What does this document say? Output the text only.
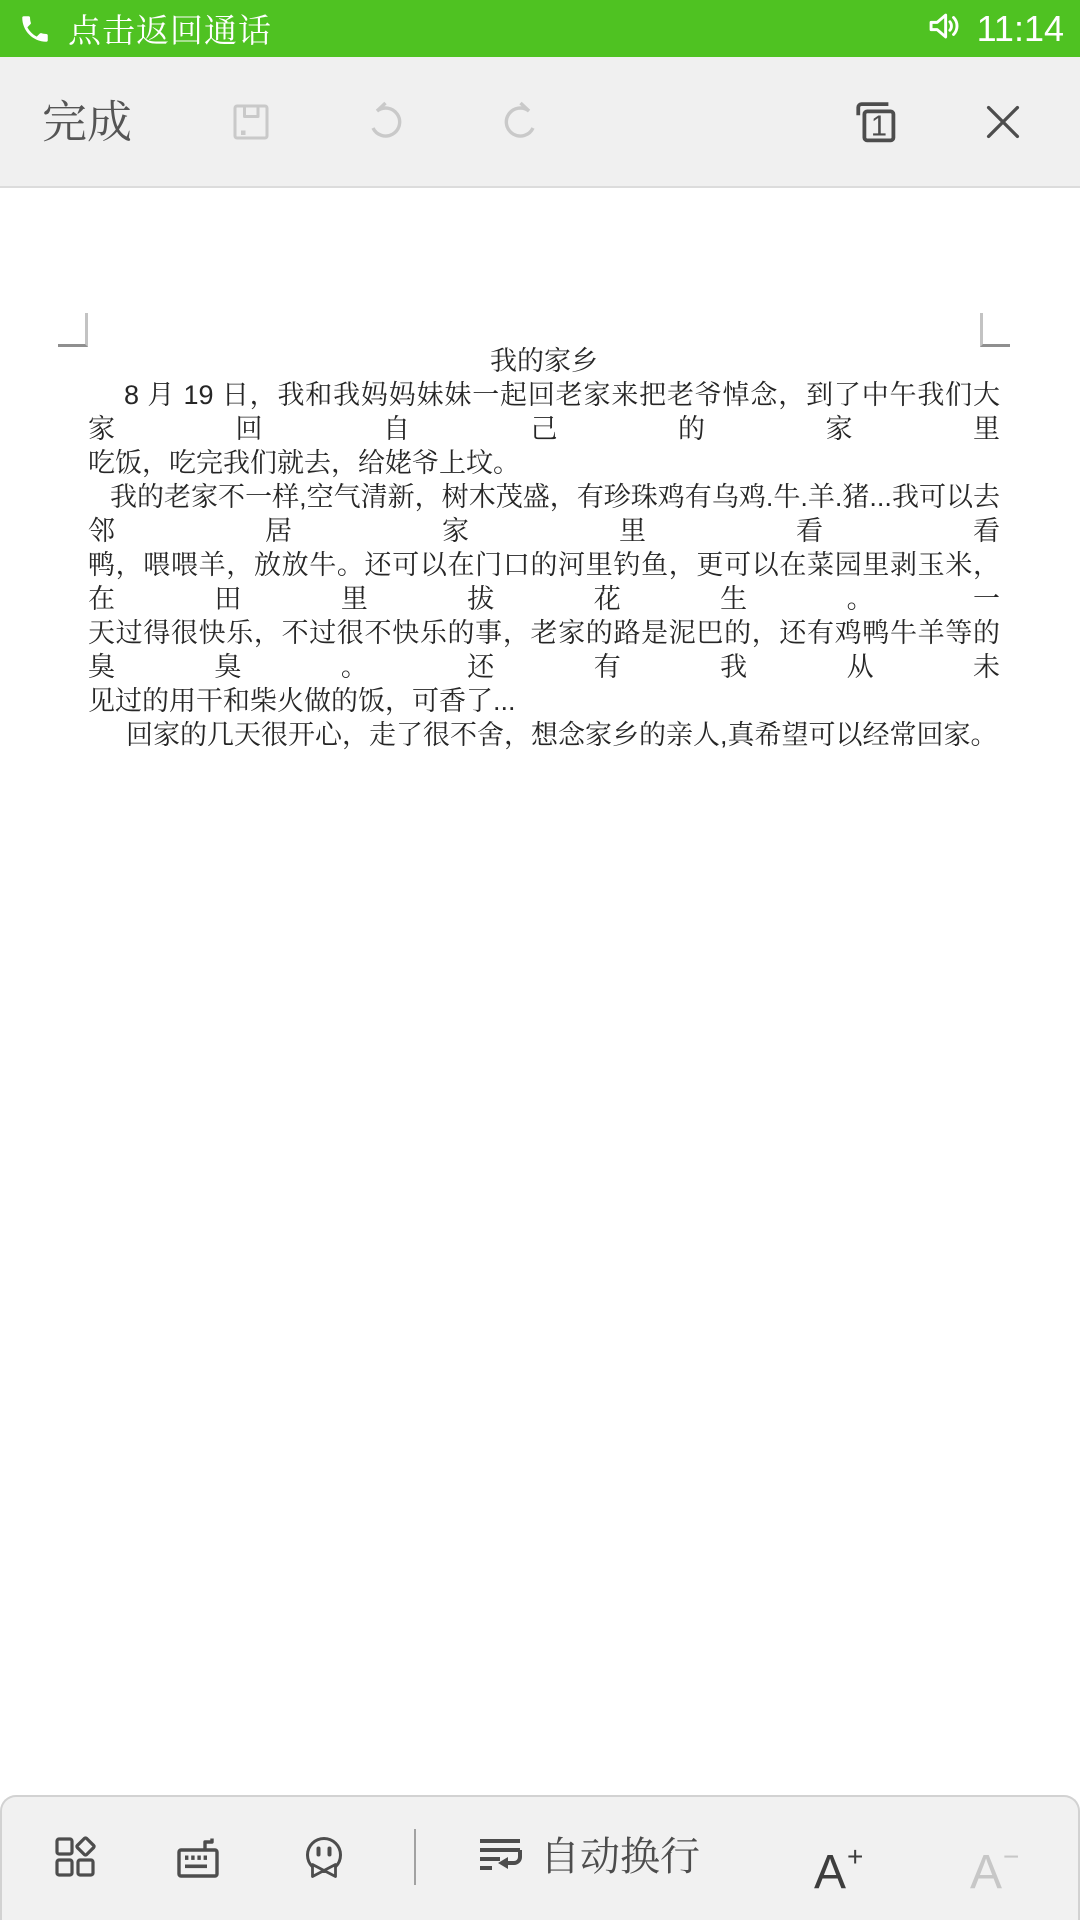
点击返回通话	11:14
完成	1
我的家乡
8 月 19 日，我和我妈妈妹妹一起回老家来把老爷悼念，到了中午我们大家回自己的家里
吃饭，吃完我们就去，给姥爷上坟。
我的老家不一样,空气清新，树木茂盛，有珍珠鸡有乌鸡.牛.羊.猪...我可以去邻居家里看看
鸭，喂喂羊，放放牛。还可以在门口的河里钓鱼，更可以在菜园里剥玉米，在田里拔花生。一
天过得很快乐，不过很不快乐的事，老家的路是泥巴的，还有鸡鸭牛羊等的臭臭。还有我从未
见过的用干和柴火做的饭，可香了...
回家的几天很开心，走了很不舍，想念家乡的亲人,真希望可以经常回家。
自动换行 A+ A−
